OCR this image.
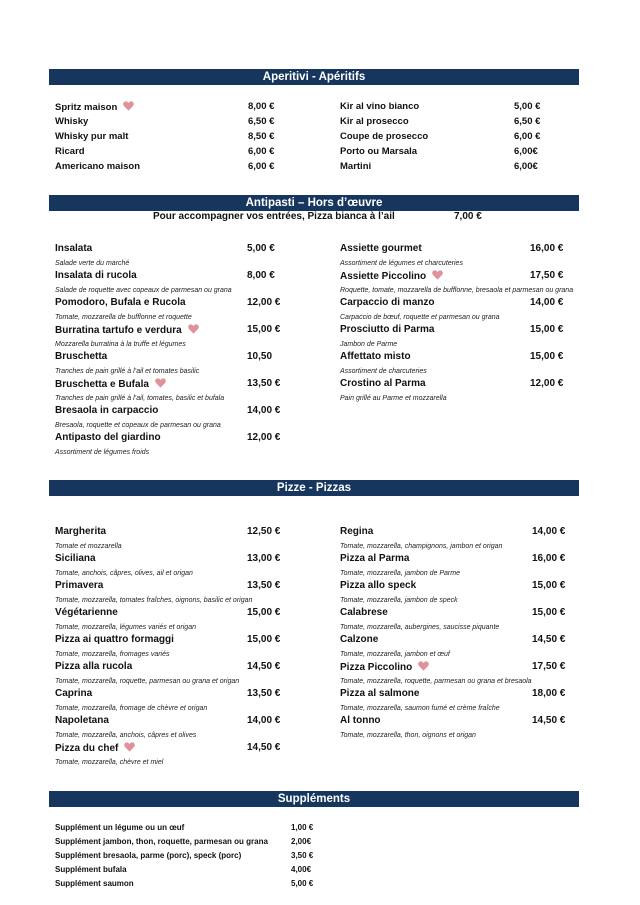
Aperitivi - Apéritifs
Spritz maison	8,00 €
Whisky	6,50 €
Whisky pur malt	8,50 €
Ricard	6,00 €
Americano maison	6,00 €
Kir al vino bianco	5,00 €
Kir al prosecco	6,50 €
Coupe de prosecco	6,00 €
Porto ou Marsala	6,00€
Martini	6,00€
Antipasti – Hors d’œuvre
Pour accompagner vos entrées, Pizza bianca à l’ail	7,00 €
Insalata	5,00 €
Salade verte du marché
Insalata di rucola	8,00 €
Salade de roquette avec copeaux de parmesan ou grana
Pomodoro, Bufala e Rucola	12,00 €
Tomate, mozzarella de bufflonne et roquette
Burratina tartufo e verdura	15,00 €
Mozzarella burratina à la truffe et légumes
Bruschetta	10,50
Tranches de pain grillé à l’ail et tomates basilic
Bruschetta e Bufala	13,50 €
Tranches de pain grillé à l’ail, tomates, basilic et bufala
Bresaola in carpaccio	14,00 €
Bresaola, roquette et copeaux de parmesan ou grana
Antipasto del giardino	12,00 €
Assortiment de légumes froids
Assiette gourmet	16,00 €
Assortiment de légumes et charcuteries
Assiette Piccolino	17,50 €
Roquette, tomate, mozzarella de bufflonne, bresaola et parmesan ou grana
Carpaccio di manzo	14,00 €
Carpaccio de bœuf, roquette et parmesan ou grana
Prosciutto di Parma	15,00 €
Jambon de Parme
Affettato misto	15,00 €
Assortiment de charcuteries
Crostino al Parma	12,00 €
Pain grillé au Parme et mozzarella
Pizze - Pizzas
Margherita	12,50 €
Tomate et mozzarella
Siciliana	13,00 €
Tomate, anchois, câpres, olives, ail et origan
Primavera	13,50 €
Tomate, mozzarella, tomates fraîches, oignons, basilic et origan
Végétarienne	15,00 €
Tomate, mozzarella, légumes variés et origan
Pizza ai quattro formaggi	15,00 €
Tomate, mozzarella, fromages variés
Pizza alla rucola	14,50 €
Tomate, mozzarella, roquette, parmesan ou grana et origan
Caprina	13,50 €
Tomate, mozzarella, fromage de chèvre et origan
Napoletana	14,00 €
Tomate, mozzarella, anchois, câpres et olives
Pizza du chef	14,50 €
Tomate, mozzarella, chèvre et miel
Regina	14,00 €
Tomate, mozzarella, champignons, jambon et origan
Pizza al Parma	16,00 €
Tomate, mozzarella, jambon de Parme
Pizza allo speck	15,00 €
Tomate, mozzarella, jambon de speck
Calabrese	15,00 €
Tomate, mozzarella, aubergines, saucisse piquante
Calzone	14,50 €
Tomate, mozzarella, jambon et œuf
Pizza Piccolino	17,50 €
Tomate, mozzarella, roquette, parmesan ou grana et bresaola
Pizza al salmone	18,00 €
Tomate, mozzarella, saumon fumé et crème fraîche
Al tonno	14,50 €
Tomate, mozzarella, thon, oignons et origan
Suppléments
Supplément un légume ou un œuf	1,00 €
Supplément jambon, thon, roquette, parmesan ou grana	2,00€
Supplément bresaola, parme (porc), speck (porc)	3,50 €
Supplément bufala	4,00€
Supplément saumon	5,00 €
